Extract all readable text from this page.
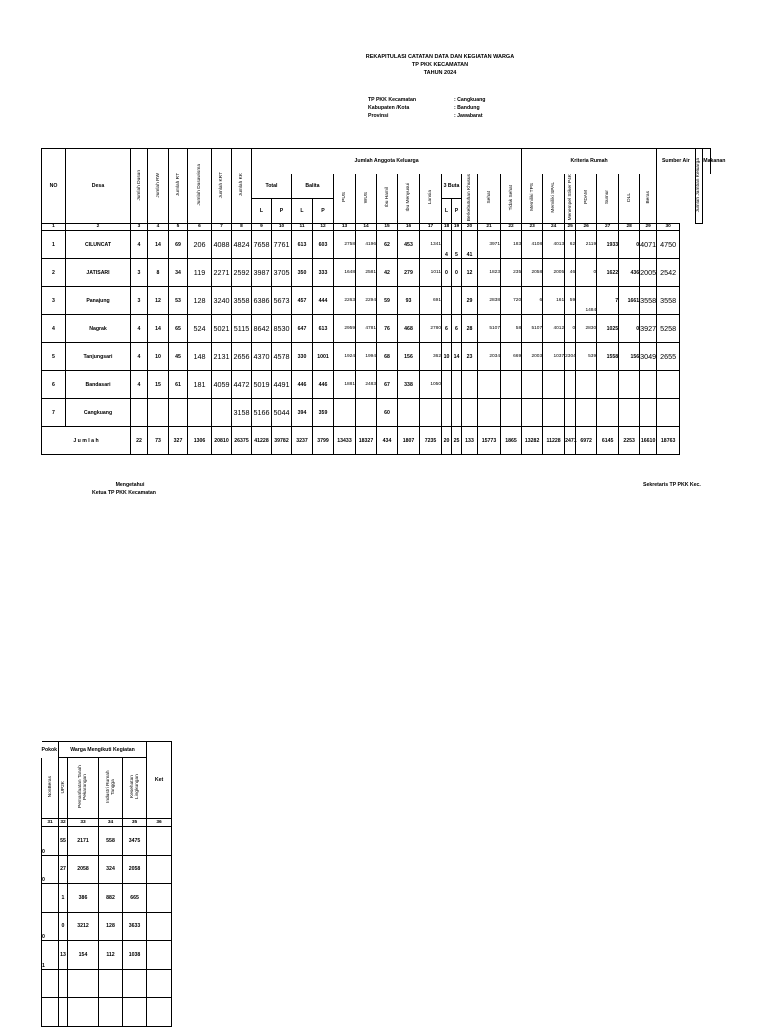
REKAPITULASI CATATAN DATA DAN KEGIATAN WARGA
TP PKK KECAMATAN
TAHUN 2024
TP PKK Kecamatan	: Cangkuang
Kabupaten /Kota	: Bandung
Provinsi	: Jawabarat
NO	Desa	Jumlah Dusun	Jumlah RW	Jumlah RT	Jumlah Dasawisma	Jumlah KRT	Jumlah KK	Jumlah Anggota Keluarga														Kriteria Rumah							Sumber Air	Jumlah Jamban Keluarga	Makanan
								Total		Balita		PUS	WUS	Ibu Hamil	Ibu Menyusui	Lansia	3 Buta		Berkebutuhan Khusus	Sehat	Tidak Sehat	Memiliki TPS	Memiliki SPAL	Menempel Stiker P4K	PDAM	Sumur	DLL	Beras			
								L	P	L	P						L	P													
1	2	3	4	5	6	7	8	9	10	11	12	13	14	15	16	17	18	19	20	21	22	23	24	25	26	27	28	29	30		
1	CILUNCAT	4	14	69	206	4088	4824	7658	7761	613	603	2758	4196	62	453	1341	4	5	41	3971	183	4108	4013	62	2119	1933	0	4071	4750		
2	JATISARI	3	8	34	119	2271	2592	3987	3705	350	333	1648	2581	42	279	1011	0	0	12	1823	235	2058	2005	46	0	1622	436	2005	2542		
3	Panajung	3	12	53	128	3240	3558	6386	5673	457	444	2263	2294	59	93	691			29	2838	720	6	161	59	1484	7	1661	3558	3558		
4	Nagrak	4	14	65	524	5021	5115	8642	8530	647	613	2959	4781	76	468	2780	6	6	28	5107	58	5107	4012	0	2830	1025	0	3927	5258		
5	Tanjungsari	4	10	45	148	2131	2656	4370	4578	330	1001	1924	1994	68	156	362	10	14	23	2034	669	2003	1037	2304	539	1558	156	3049	2655		
6	Bandasari	4	15	61	181	4059	4472	5019	4491	446	446	1881	2483	67	338	1050															
7	Cangkuang						3158	5166	5044	394	359			60																	
J u m l a h		22	73	327	1306	20810	26375	41228	39782	3237	3799	13433	18327	434	1807	7235	20	25	133	15773	1865	13282	11228	2471	6972	6145	2253	16610	18763		
Mengetahui
Ketua TP PKK Kecamatan
Sekretaris TP PKK Kec.
Pokok	Warga Mengikuti Kegiatan				Ket
NonBeras	UP2K	Pemanfaatan Tanah Pekarangan	Industri Rumah Tangga	Kesehatan Lingkungan	
31	32	33	34	35	36
0	55	2171	558	3475	
0	27	2058	324	2058	
	1	386	882	665	
0	0	3212	128	3633	
1	13	154	112	1038	
